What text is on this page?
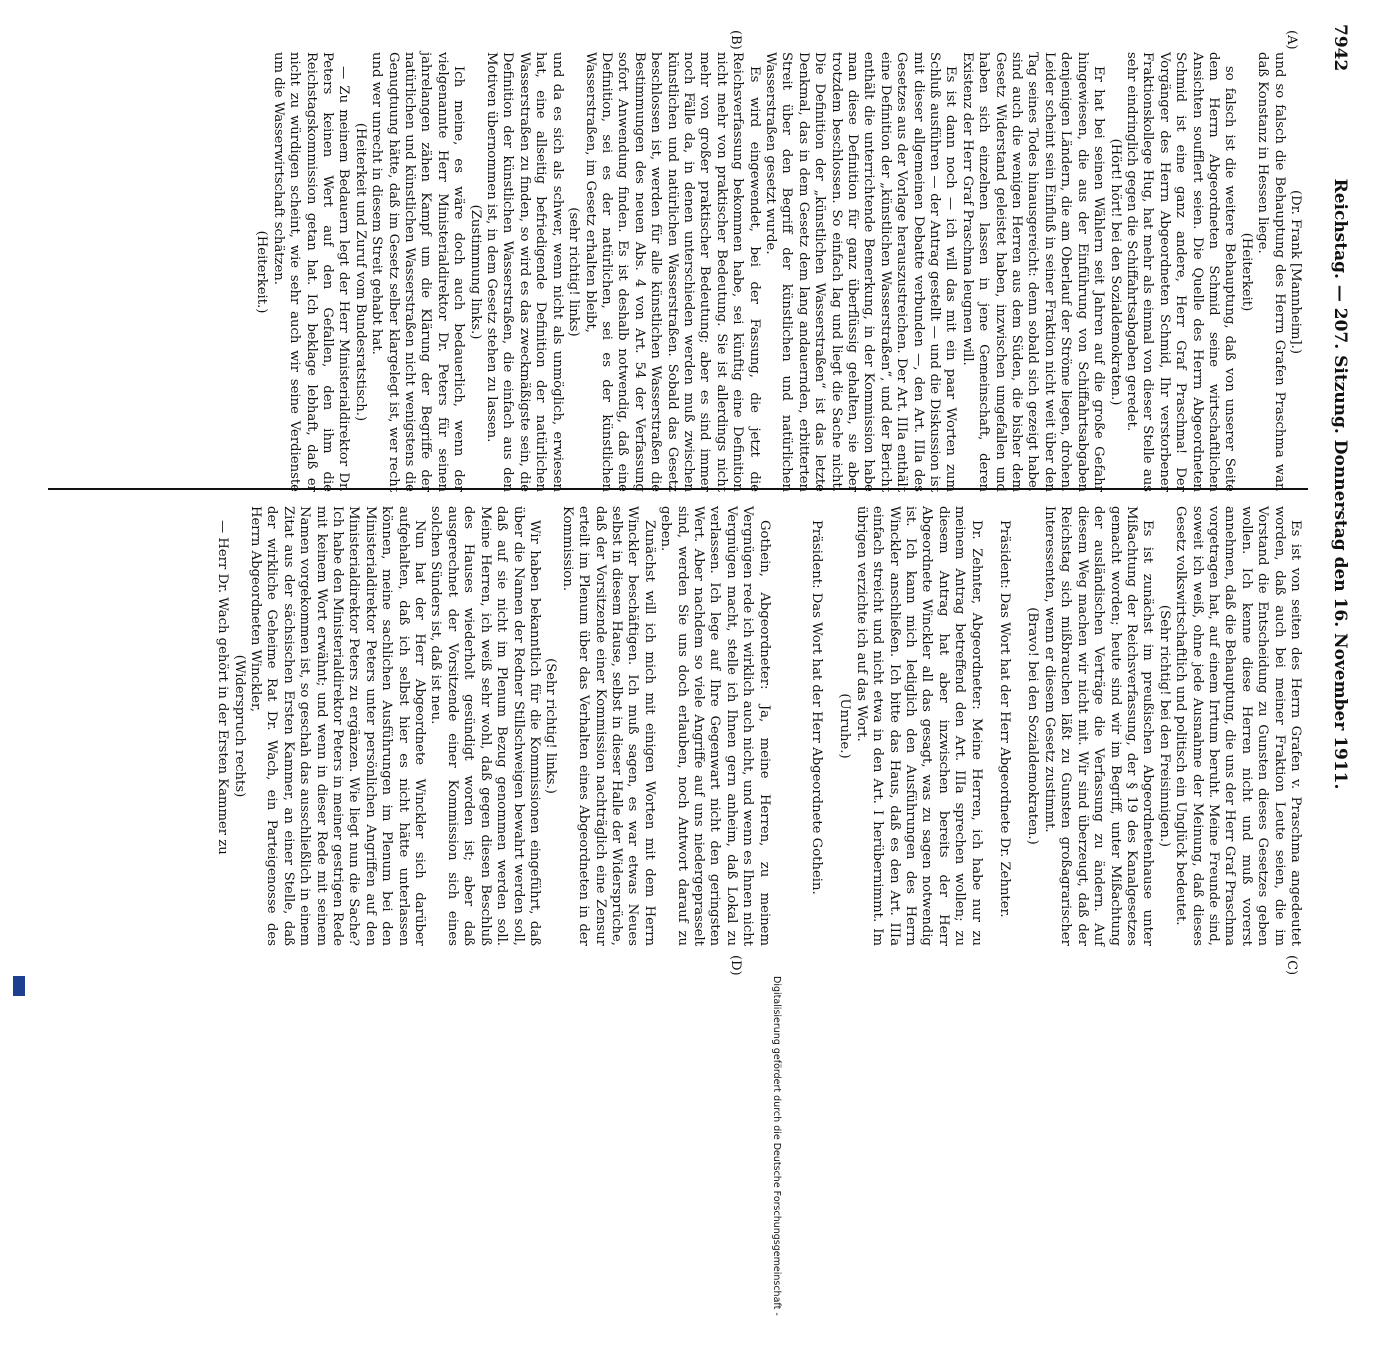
7942
Reichstag. — 207. Sitzung. Donnerstag den 16. November 1911.
(A)
(B)
(C)
(D)

(Dr. Frank [Mannheim].)

und so falsch die Behauptung des Herrn Grafen Praschma war, daß Konstanz in Hessen liege.

(Heiterkeit)

so falsch ist die weitere Behauptung, daß von unserer Seite dem Herrn Abgeordneten Schmid seine wirtschaftlichen Ansichten soufflert seien. Die Quelle des Herrn Abgeordneten Schmid ist eine ganz andere, Herr Graf Praschma! Der Vorgänger des Herrn Abgeordneten Schmid, Ihr verstorbener Fraktionskollege Hug, hat mehr als einmal von dieser Stelle aus sehr eindringlich gegen die Schiffahrtsabgaben geredet.

(Hört! hört! bei den Sozialdemokraten.)

Er hat bei seinen Wählern seit Jahren auf die große Gefahr hingewiesen, die aus der Einführung von Schiffahrtsabgaben denjenigen Ländern, die am Oberlauf der Ströme liegen, drohen. Leider scheint sein Einfluß in seiner Fraktion nicht weit über den Tag seines Todes hinausgereicht: denn sobald sich gezeigt habe, sind auch die wenigen Herren aus dem Süden, die bisher dem Gesetz Widerstand geleistet haben, inzwischen umgefallen und haben sich einzelnen lassen in jene Gemeinschaft, deren Existenz der Herr Graf Praschma leugnen will.

Es ist dann noch — ich will das mit ein paar Worten zum Schluß ausführen — der Antrag gestellt — und die Diskussion ist mit dieser allgemeinen Debatte verbunden —, den Art. IIIa des Gesetzes aus der Vorlage herauszustreichen. Der Art. IIIa enthält eine Definition der „künstlichen Wasserstraßen“, und der Bericht enthält die unterrichtende Bemerkung, in der Kommission habe man diese Definition für ganz überflüssig gehalten, sie aber trotzdem beschlossen. So einfach lag und liegt die Sache nicht. Die Definition der „künstlichen Wasserstraßen“ ist das letzte Denkmal, das in dem Gesetz dem lang andauernden, erbitterten Streit über den Begriff der künstlichen und natürlichen Wasserstraßen gesetzt wurde.

Es wird eingewendet, bei der Fassung, die jetzt die Reichsverfassung bekommen habe, sei künftig eine Definition nicht mehr von praktischer Bedeutung. Sie ist allerdings nicht mehr von großer praktischer Bedeutung; aber es sind immer noch Fälle da, in denen unterschieden werden muß zwischen künstlichen und natürlichen Wasserstraßen. Sobald das Gesetz beschlossen ist, werden für alle künstlichen Wasserstraßen die Bestimmungen des neuen Abs. 4 von Art. 54 der Verfassung sofort Anwendung finden. Es ist deshalb notwendig, daß eine Definition, sei es der natürlichen, sei es der künstlichen Wasserstraßen, im Gesetz erhalten bleibt,

(sehr richtig! links)

und da es sich als schwer, wenn nicht als unmöglich, erwiesen hat, eine allseitig befriedigende Definition der natürlichen Wasserstraßen zu finden, so wird es das zweckmäßigste sein, die Definition der künstlichen Wasserstraßen, die einfach aus den Motiven übernommen ist, in dem Gesetz stehen zu lassen.

(Zustimmung links.)

Ich meine, es wäre doch auch bedauerlich, wenn der vielgenannte Herr Ministerialdirektor Dr. Peters für seinen jahrelangen zähen Kampf um die Klärung der Begriffe der natürlichen und künstlichen Wasserstraßen nicht wenigstens die Genugtuung hätte, daß im Gesetz selber klargelegt ist, wer recht und wer unrecht in diesem Streit gehabt hat.

(Heiterkeit und Zuruf vom Bundesratstisch.)

— Zu meinem Bedauern legt der Herr Ministerialdirektor Dr. Peters keinen Wert auf den Gefallen, den ihm die Reichstagskommission getan hat. Ich beklage lebhaft, daß er nicht zu würdigen scheint, wie sehr auch wir seine Verdienste um die Wasserwirtschaft schätzen.

(Heiterkeit.)

Es ist von seiten des Herrn Grafen v. Praschma angedeutet worden, daß auch bei meiner Fraktion Leute seien, die im Vorstand die Entscheidung zu Gunsten dieses Gesetzes geben wollen. Ich kenne diese Herren nicht und muß vorerst annehmen, daß die Behauptung, die uns der Herr Graf Praschma vorgetragen hat, auf einem Irrtum beruht. Meine Freunde sind, soweit ich weiß, ohne jede Ausnahme der Meinung, daß dieses Gesetz volkswirtschaftlich und politisch ein Unglück bedeutet.

(Sehr richtig! bei den Freisinnigen.)

Es ist zunächst im preußischen Abgeordnetenhause unter Mißachtung der Reichsverfassung, der § 19 des Kanalgesetzes gemacht worden; heute sind wir im Begriff, unter Mißachtung der ausländischen Verträge die Verfassung zu ändern. Auf diesem Weg machen wir nicht mit. Wir sind überzeugt, daß der Reichstag sich mißbrauchen läßt zu Gunsten großagrarischer Interessenten, wenn er diesem Gesetz zustimmt.

(Bravo! bei den Sozialdemokraten.)

Präsident: Das Wort hat der Herr Abgeordnete Dr. Zehnter.

Dr. Zehnter, Abgeordneter: Meine Herren, ich habe nur zu meinem Antrag betreffend den Art. IIIa sprechen wollen; zu diesem Antrag hat aber inzwischen bereits der Herr Abgeordnete Winckler all das gesagt, was zu sagen notwendig ist. Ich kann mich lediglich den Ausführungen des Herrn Winckler anschließen. Ich bitte das Haus, daß es den Art. IIIa einfach streicht und nicht etwa in den Art. I herübernimmt. Im übrigen verzichte ich auf das Wort.

(Unruhe.)

Präsident: Das Wort hat der Herr Abgeordnete Gothein.

Gothein, Abgeordneter: Ja, meine Herren, zu meinem Vergnügen rede ich wirklich auch nicht, und wenn es Ihnen nicht Vergnügen macht, stelle ich Ihnen gern anheim, daß Lokal zu verlassen. Ich lege auf Ihre Gegenwart nicht den geringsten Wert. Aber nachdem so viele Angriffe auf uns niedergeprasselt sind, werden Sie uns doch erlauben, noch Antwort darauf zu geben.

Zunächst will ich mich mit einigen Worten mit dem Herrn Winckler beschäftigen. Ich muß sagen, es war etwas Neues selbst in diesem Hause, selbst in dieser Halle der Widersprüche, daß der Vorsitzende einer Kommission nachträglich eine Zensur erteilt im Plenum über das Verhalten eines Abgeordneten in der Kommission.

(Sehr richtig! links.)

Wir haben bekanntlich für die Kommissionen eingeführt, daß über die Namen der Redner Stillschweigen bewahrt werden soll, daß auf sie nicht im Plenum Bezug genommen werden soll. Meine Herren, ich weiß sehr wohl, daß gegen diesen Beschluß des Hauses wiederholt gesündigt worden ist; aber daß ausgerechnet der Vorsitzende einer Kommission sich eines solchen Sünders ist, daß ist neu.

Nun hat der Herr Abgeordnete Winckler sich darüber aufgehalten, daß ich selbst hier es nicht hätte unterlassen können, meine sachlichen Ausführungen im Plenum bei den Ministerialdirektor Peters unter persönlichen Angriffen auf den Ministerialdirektor Peters zu ergänzen. Wie liegt nun die Sache? Ich habe den Ministerialdirektor Peters in meiner gestrigen Rede mit keinem Wort erwähnt; und wenn in dieser Rede mit seinem Namen vorgekommen ist, so geschah das ausschließlich in einem Zitat aus der sächsischen Ersten Kammer, an einer Stelle, daß der wirkliche Geheime Rat Dr. Wach, ein Parteigenosse des Herrn Abgeordneten Winckler,

(Widerspruch rechts)

— Herr Dr. Wach gehört in der Ersten Kammer zu

Digitalisierung gefördert durch die Deutsche Forschungsgemeinschaft -
